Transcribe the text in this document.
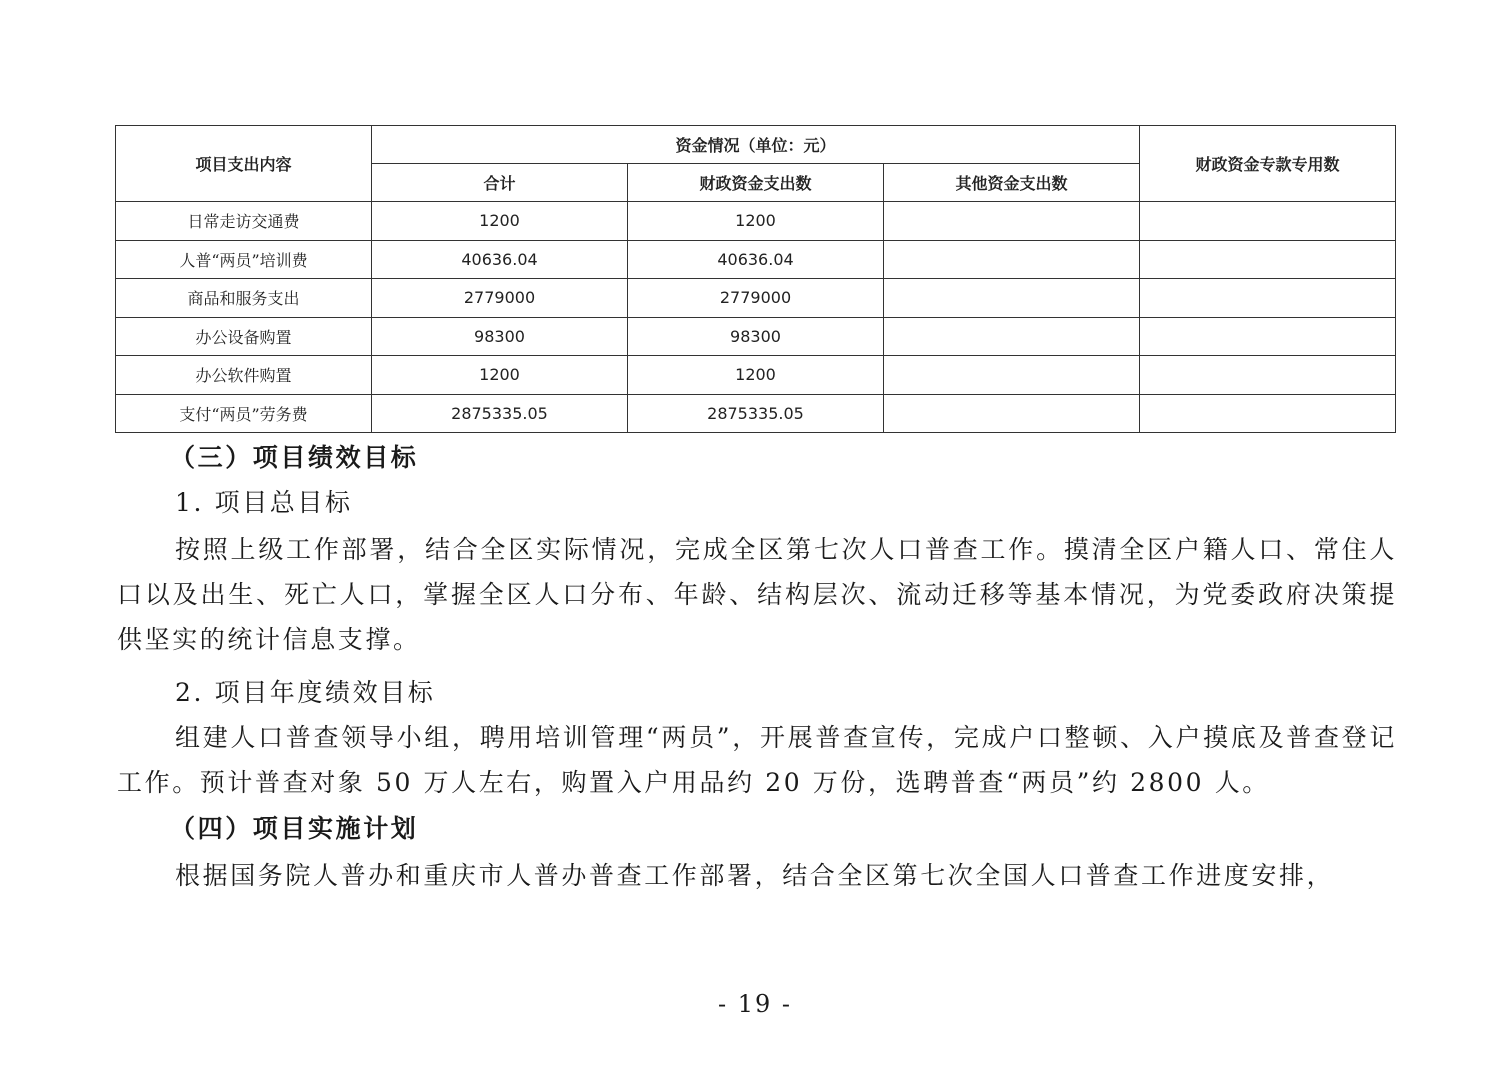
项目支出内容	资金情况（单位：元）			财政资金专款专用数
	合计	财政资金支出数	其他资金支出数	
日常走访交通费	1200	1200		
人普“两员”培训费	40636.04	40636.04		
商品和服务支出	2779000	2779000		
办公设备购置	98300	98300		
办公软件购置	1200	1200		
支付“两员”劳务费	2875335.05	2875335.05		
（三）项目绩效目标
1. 项目总目标

按照上级工作部署，结合全区实际情况，完成全区第七次人口普查工作。摸清全区户籍人口、常住人口以及出生、死亡人口，掌握全区人口分布、年龄、结构层次、流动迁移等基本情况，为党委政府决策提供坚实的统计信息支撑。

2. 项目年度绩效目标

组建人口普查领导小组，聘用培训管理“两员”，开展普查宣传，完成户口整顿、入户摸底及普查登记工作。预计普查对象 50 万人左右，购置入户用品约 20 万份，选聘普查“两员”约 2800 人。

（四）项目实施计划

根据国务院人普办和重庆市人普办普查工作部署，结合全区第七次全国人口普查工作进度安排，

- 19 -
